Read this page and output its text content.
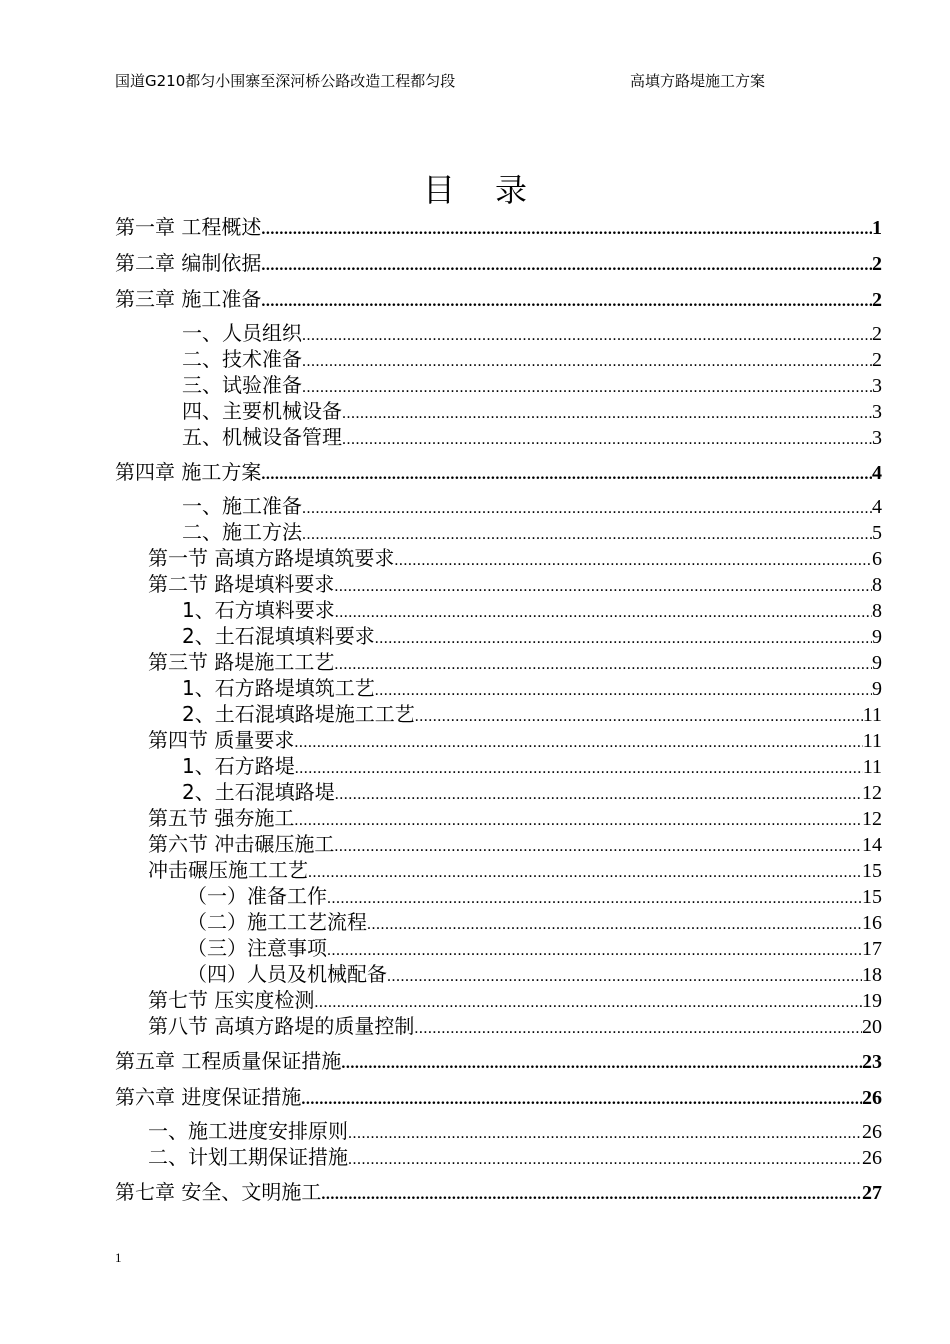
国道G210都匀小围寨至深河桥公路改造工程都匀段	高填方路堤施工方案
目录
第一章 工程概述 .....	1
第二章 编制依据 .....	2
第三章 施工准备 .....	2
一、人员组织 .....	2
二、技术准备 .....	2
三、试验准备 .....	3
四、主要机械设备 .....	3
五、机械设备管理 .....	3
第四章 施工方案 .....	4
一、施工准备 .....	4
二、施工方法 .....	5
第一节 高填方路堤填筑要求 .....	6
第二节 路堤填料要求 .....	8
1、石方填料要求 .....	8
2、土石混填填料要求 .....	9
第三节 路堤施工工艺 .....	9
1、石方路堤填筑工艺 .....	9
2、土石混填路堤施工工艺 .....	11
第四节 质量要求 .....	11
1、石方路堤 .....	11
2、土石混填路堤 .....	12
第五节 强夯施工 .....	12
第六节 冲击碾压施工 .....	14
冲击碾压施工工艺 .....	15
（一）准备工作 .....	15
（二）施工工艺流程 .....	16
（三）注意事项 .....	17
（四）人员及机械配备 .....	18
第七节 压实度检测 .....	19
第八节 高填方路堤的质量控制 .....	20
第五章 工程质量保证措施 .....	23
第六章 进度保证措施 .....	26
一、施工进度安排原则 .....	26
二、计划工期保证措施 .....	26
第七章 安全、文明施工 .....	27
1
